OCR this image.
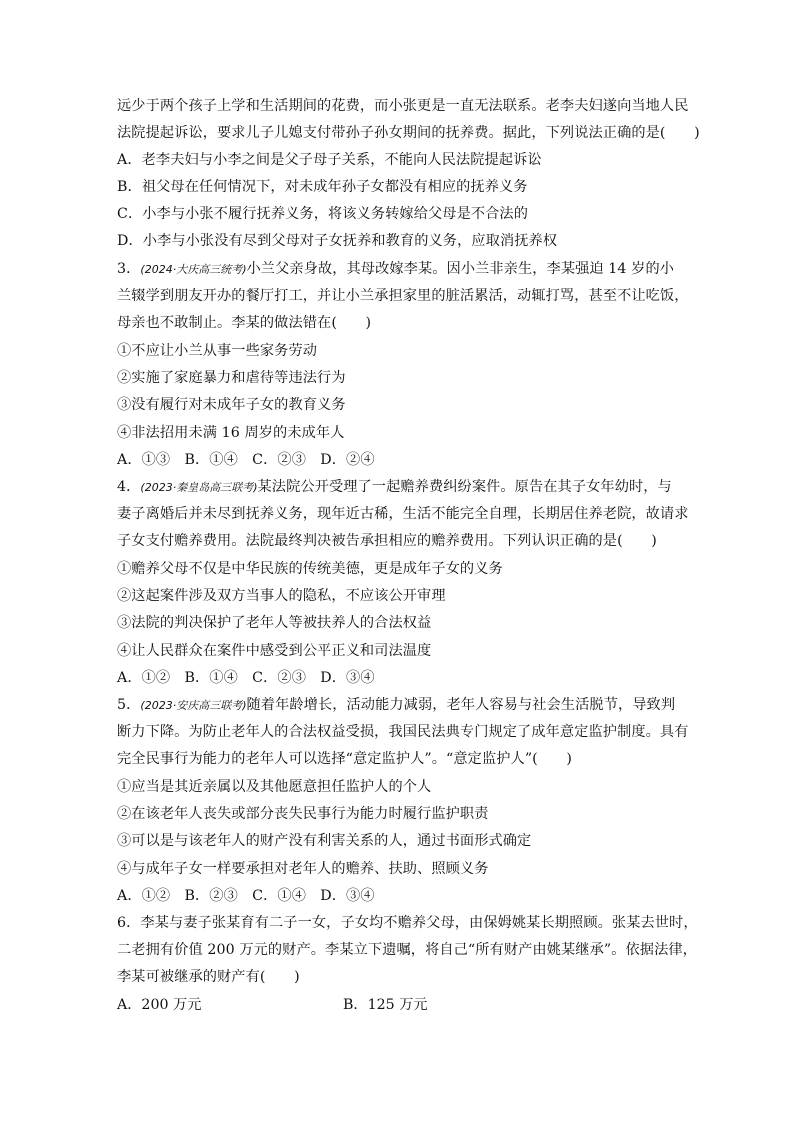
远少于两个孩子上学和生活期间的花费，而小张更是一直无法联系。老李夫妇遂向当地人民
法院提起诉讼，要求儿子儿媳支付带孙子孙女期间的抚养费。据此，下列说法正确的是(　　)
A．老李夫妇与小李之间是父子母子关系，不能向人民法院提起诉讼
B．祖父母在任何情况下，对未成年孙子女都没有相应的抚养义务
C．小李与小张不履行抚养义务，将该义务转嫁给父母是不合法的
D．小李与小张没有尽到父母对子女抚养和教育的义务，应取消抚养权
3．(2024·大庆高三统考)小兰父亲身故，其母改嫁李某。因小兰非亲生，李某强迫 14 岁的小
兰辍学到朋友开办的餐厅打工，并让小兰承担家里的脏活累活，动辄打骂，甚至不让吃饭，
母亲也不敢制止。李某的做法错在(　　)
①不应让小兰从事一些家务劳动
②实施了家庭暴力和虐待等违法行为
③没有履行对未成年子女的教育义务
④非法招用未满 16 周岁的未成年人
A．①③　B．①④　C．②③　D．②④
4．(2023·秦皇岛高三联考)某法院公开受理了一起赡养费纠纷案件。原告在其子女年幼时，与
妻子离婚后并未尽到抚养义务，现年近古稀，生活不能完全自理，长期居住养老院，故请求
子女支付赡养费用。法院最终判决被告承担相应的赡养费用。下列认识正确的是(　　)
①赡养父母不仅是中华民族的传统美德，更是成年子女的义务
②这起案件涉及双方当事人的隐私，不应该公开审理
③法院的判决保护了老年人等被扶养人的合法权益
④让人民群众在案件中感受到公平正义和司法温度
A．①②　B．①④　C．②③　D．③④
5．(2023·安庆高三联考)随着年龄增长，活动能力减弱，老年人容易与社会生活脱节，导致判
断力下降。为防止老年人的合法权益受损，我国民法典专门规定了成年意定监护制度。具有
完全民事行为能力的老年人可以选择“意定监护人”。“意定监护人”(　　)
①应当是其近亲属以及其他愿意担任监护人的个人
②在该老年人丧失或部分丧失民事行为能力时履行监护职责
③可以是与该老年人的财产没有利害关系的人，通过书面形式确定
④与成年子女一样要承担对老年人的赡养、扶助、照顾义务
A．①②　B．②③　C．①④　D．③④
6．李某与妻子张某育有二子一女，子女均不赡养父母，由保姆姚某长期照顾。张某去世时，
二老拥有价值 200 万元的财产。李某立下遗嘱，将自己“所有财产由姚某继承”。依据法律，
李某可被继承的财产有(　　)
A．200 万元	B．125 万元
